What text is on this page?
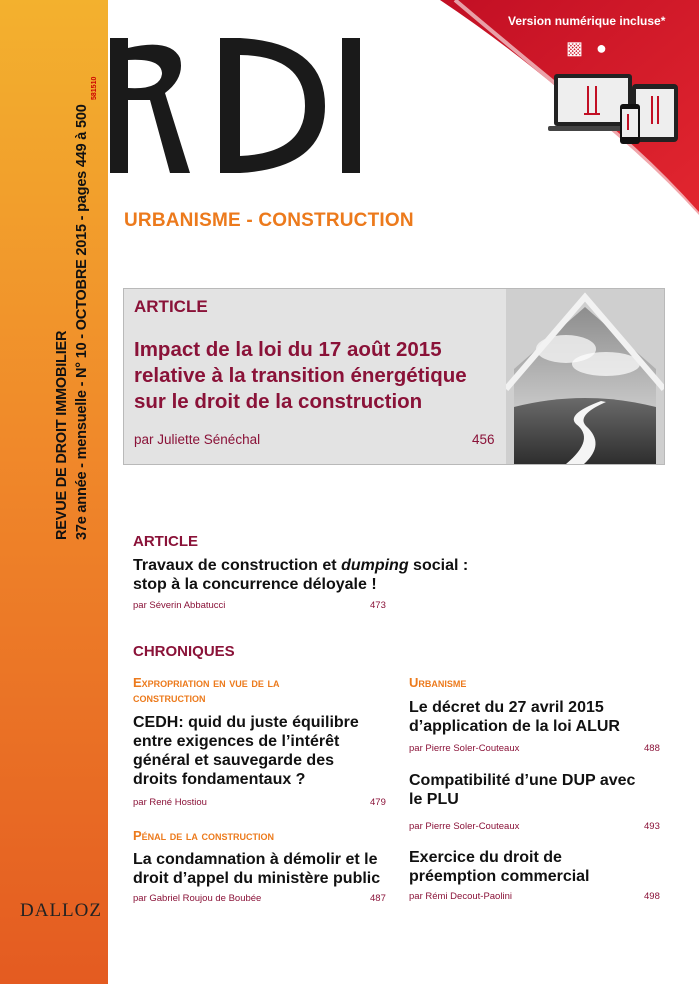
REVUE DE DROIT IMMOBILIER 37e année - mensuelle - N° 10 - OCTOBRE 2015 - pages 449 à 500
581510
Version numérique incluse*
▩ ●
URBANISME - CONSTRUCTION
ARTICLE
Impact de la loi du 17 août 2015 relative à la transition énergétique sur le droit de la construction
par Juliette Sénéchal	456
ARTICLE
Travaux de construction et dumping social : stop à la concurrence déloyale !
par Séverin Abbatucci	473
CHRONIQUES
Expropriation en vue de la construction
CEDH: quid du juste équilibre entre exigences de l’intérêt général et sauvegarde des droits fondamentaux ?
par René Hostiou	479
Pénal de la construction
La condamnation à démolir et le droit d’appel du ministère public
par Gabriel Roujou de Boubée	487
Urbanisme
Le décret du 27 avril 2015 d’application de la loi ALUR
par Pierre Soler-Couteaux	488
Compatibilité d’une DUP avec le PLU
par Pierre Soler-Couteaux	493
Exercice du droit de préemption commercial
par Rémi Decout-Paolini	498
DALLOZ
